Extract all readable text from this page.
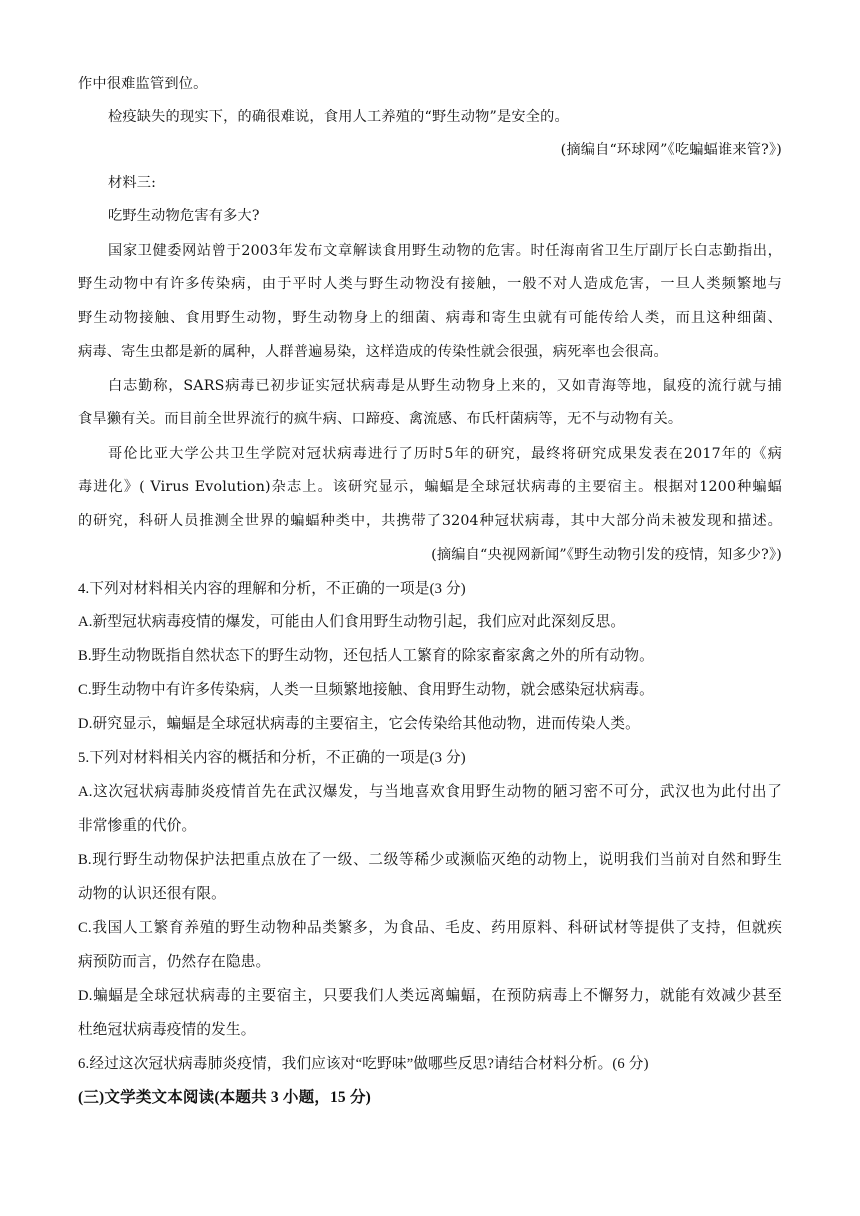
作中很难监管到位。
检疫缺失的现实下，的确很难说，食用人工养殖的“野生动物”是安全的。
(摘编自“环球网”《吃蝙蝠谁来管?》)
材料三:
吃野生动物危害有多大?
国家卫健委网站曾于2003年发布文章解读食用野生动物的危害。时任海南省卫生厅副厅长白志勤指出，
野生动物中有许多传染病，由于平时人类与野生动物没有接触，一般不对人造成危害，一旦人类频繁地与
野生动物接触、食用野生动物，野生动物身上的细菌、病毒和寄生虫就有可能传给人类，而且这种细菌、
病毒、寄生虫都是新的属种，人群普遍易染，这样造成的传染性就会很强，病死率也会很高。
白志勤称，SARS病毒已初步证实冠状病毒是从野生动物身上来的，又如青海等地，鼠疫的流行就与捕
食旱獭有关。而目前全世界流行的疯牛病、口蹄疫、禽流感、布氏杆菌病等，无不与动物有关。
哥伦比亚大学公共卫生学院对冠状病毒进行了历时5年的研究，最终将研究成果发表在2017年的《病
毒进化》( Virus Evolution)杂志上。该研究显示，蝙蝠是全球冠状病毒的主要宿主。根据对1200种蝙蝠
的研究，科研人员推测全世界的蝙蝠种类中，共携带了3204种冠状病毒，其中大部分尚未被发现和描述。
(摘编自“央视网新闻”《野生动物引发的疫情，知多少?》)
4.下列对材料相关内容的理解和分析，不正确的一项是(3 分)
A.新型冠状病毒疫情的爆发，可能由人们食用野生动物引起，我们应对此深刻反思。
B.野生动物既指自然状态下的野生动物，还包括人工繁育的除家畜家禽之外的所有动物。
C.野生动物中有许多传染病，人类一旦频繁地接触、食用野生动物，就会感染冠状病毒。
D.研究显示，蝙蝠是全球冠状病毒的主要宿主，它会传染给其他动物，进而传染人类。
5.下列对材料相关内容的概括和分析，不正确的一项是(3 分)
A.这次冠状病毒肺炎疫情首先在武汉爆发，与当地喜欢食用野生动物的陋习密不可分，武汉也为此付出了
非常惨重的代价。
B.现行野生动物保护法把重点放在了一级、二级等稀少或濒临灭绝的动物上，说明我们当前对自然和野生
动物的认识还很有限。
C.我国人工繁育养殖的野生动物种品类繁多，为食品、毛皮、药用原料、科研试材等提供了支持，但就疾
病预防而言，仍然存在隐患。
D.蝙蝠是全球冠状病毒的主要宿主，只要我们人类远离蝙蝠，在预防病毒上不懈努力，就能有效减少甚至
杜绝冠状病毒疫情的发生。
6.经过这次冠状病毒肺炎疫情，我们应该对“吃野味”做哪些反思?请结合材料分析。(6 分)
(三)文学类文本阅读(本题共 3 小题，15 分)
